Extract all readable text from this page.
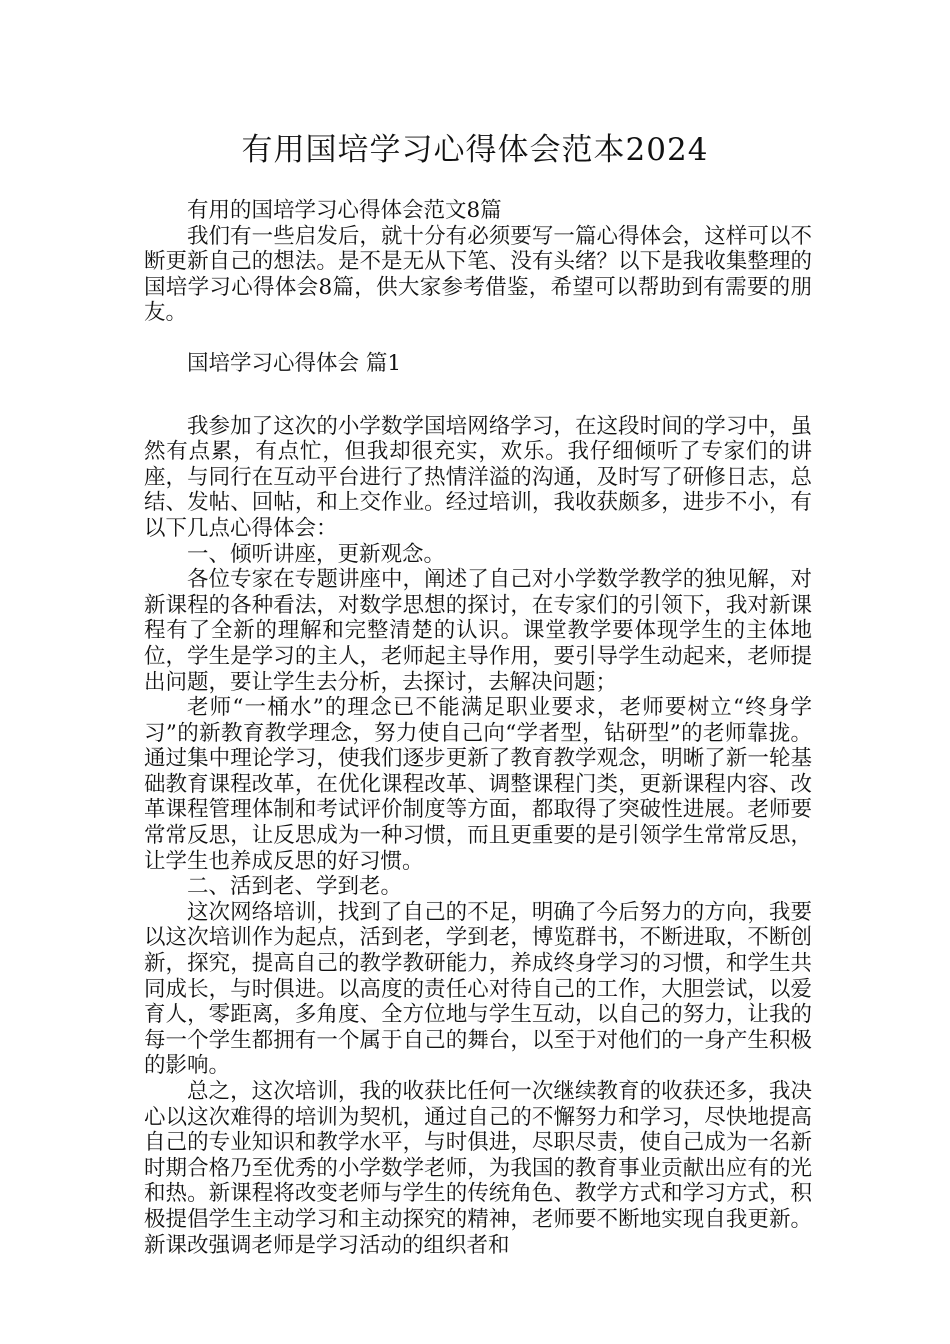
有用国培学习心得体会范本2024

有用的国培学习心得体会范文8篇

我们有一些启发后，就十分有必须要写一篇心得体会，这样可以不断更新自己的想法。是不是无从下笔、没有头绪？以下是我收集整理的国培学习心得体会8篇，供大家参考借鉴，希望可以帮助到有需要的朋友。

国培学习心得体会 篇1

我参加了这次的小学数学国培网络学习，在这段时间的学习中，虽然有点累，有点忙，但我却很充实，欢乐。我仔细倾听了专家们的讲座，与同行在互动平台进行了热情洋溢的沟通，及时写了研修日志，总结、发帖、回帖，和上交作业。经过培训，我收获颇多，进步不小，有以下几点心得体会：

一、倾听讲座，更新观念。

各位专家在专题讲座中，阐述了自己对小学数学教学的独见解，对新课程的各种看法，对数学思想的探讨，在专家们的引领下，我对新课程有了全新的理解和完整清楚的认识。课堂教学要体现学生的主体地位，学生是学习的主人，老师起主导作用，要引导学生动起来，老师提出问题，要让学生去分析，去探讨，去解决问题；

老师“一桶水”的理念已不能满足职业要求，老师要树立“终身学习”的新教育教学理念，努力使自己向“学者型，钻研型”的老师靠拢。通过集中理论学习，使我们逐步更新了教育教学观念，明晰了新一轮基础教育课程改革，在优化课程改革、调整课程门类，更新课程内容、改革课程管理体制和考试评价制度等方面，都取得了突破性进展。老师要常常反思，让反思成为一种习惯，而且更重要的是引领学生常常反思，让学生也养成反思的好习惯。

二、活到老、学到老。

这次网络培训，找到了自己的不足，明确了今后努力的方向，我要以这次培训作为起点，活到老，学到老，博览群书，不断进取，不断创新，探究，提高自己的教学教研能力，养成终身学习的习惯，和学生共同成长，与时俱进。以高度的责任心对待自己的工作，大胆尝试，以爱育人，零距离，多角度、全方位地与学生互动，以自己的努力，让我的每一个学生都拥有一个属于自己的舞台，以至于对他们的一身产生积极的影响。

总之，这次培训，我的收获比任何一次继续教育的收获还多，我决心以这次难得的培训为契机，通过自己的不懈努力和学习，尽快地提高自己的专业知识和教学水平，与时俱进，尽职尽责，使自己成为一名新时期合格乃至优秀的小学数学老师，为我国的教育事业贡献出应有的光和热。新课程将改变老师与学生的传统角色、教学方式和学习方式，积极提倡学生主动学习和主动探究的精神，老师要不断地实现自我更新。新课改强调老师是学习活动的组织者和
